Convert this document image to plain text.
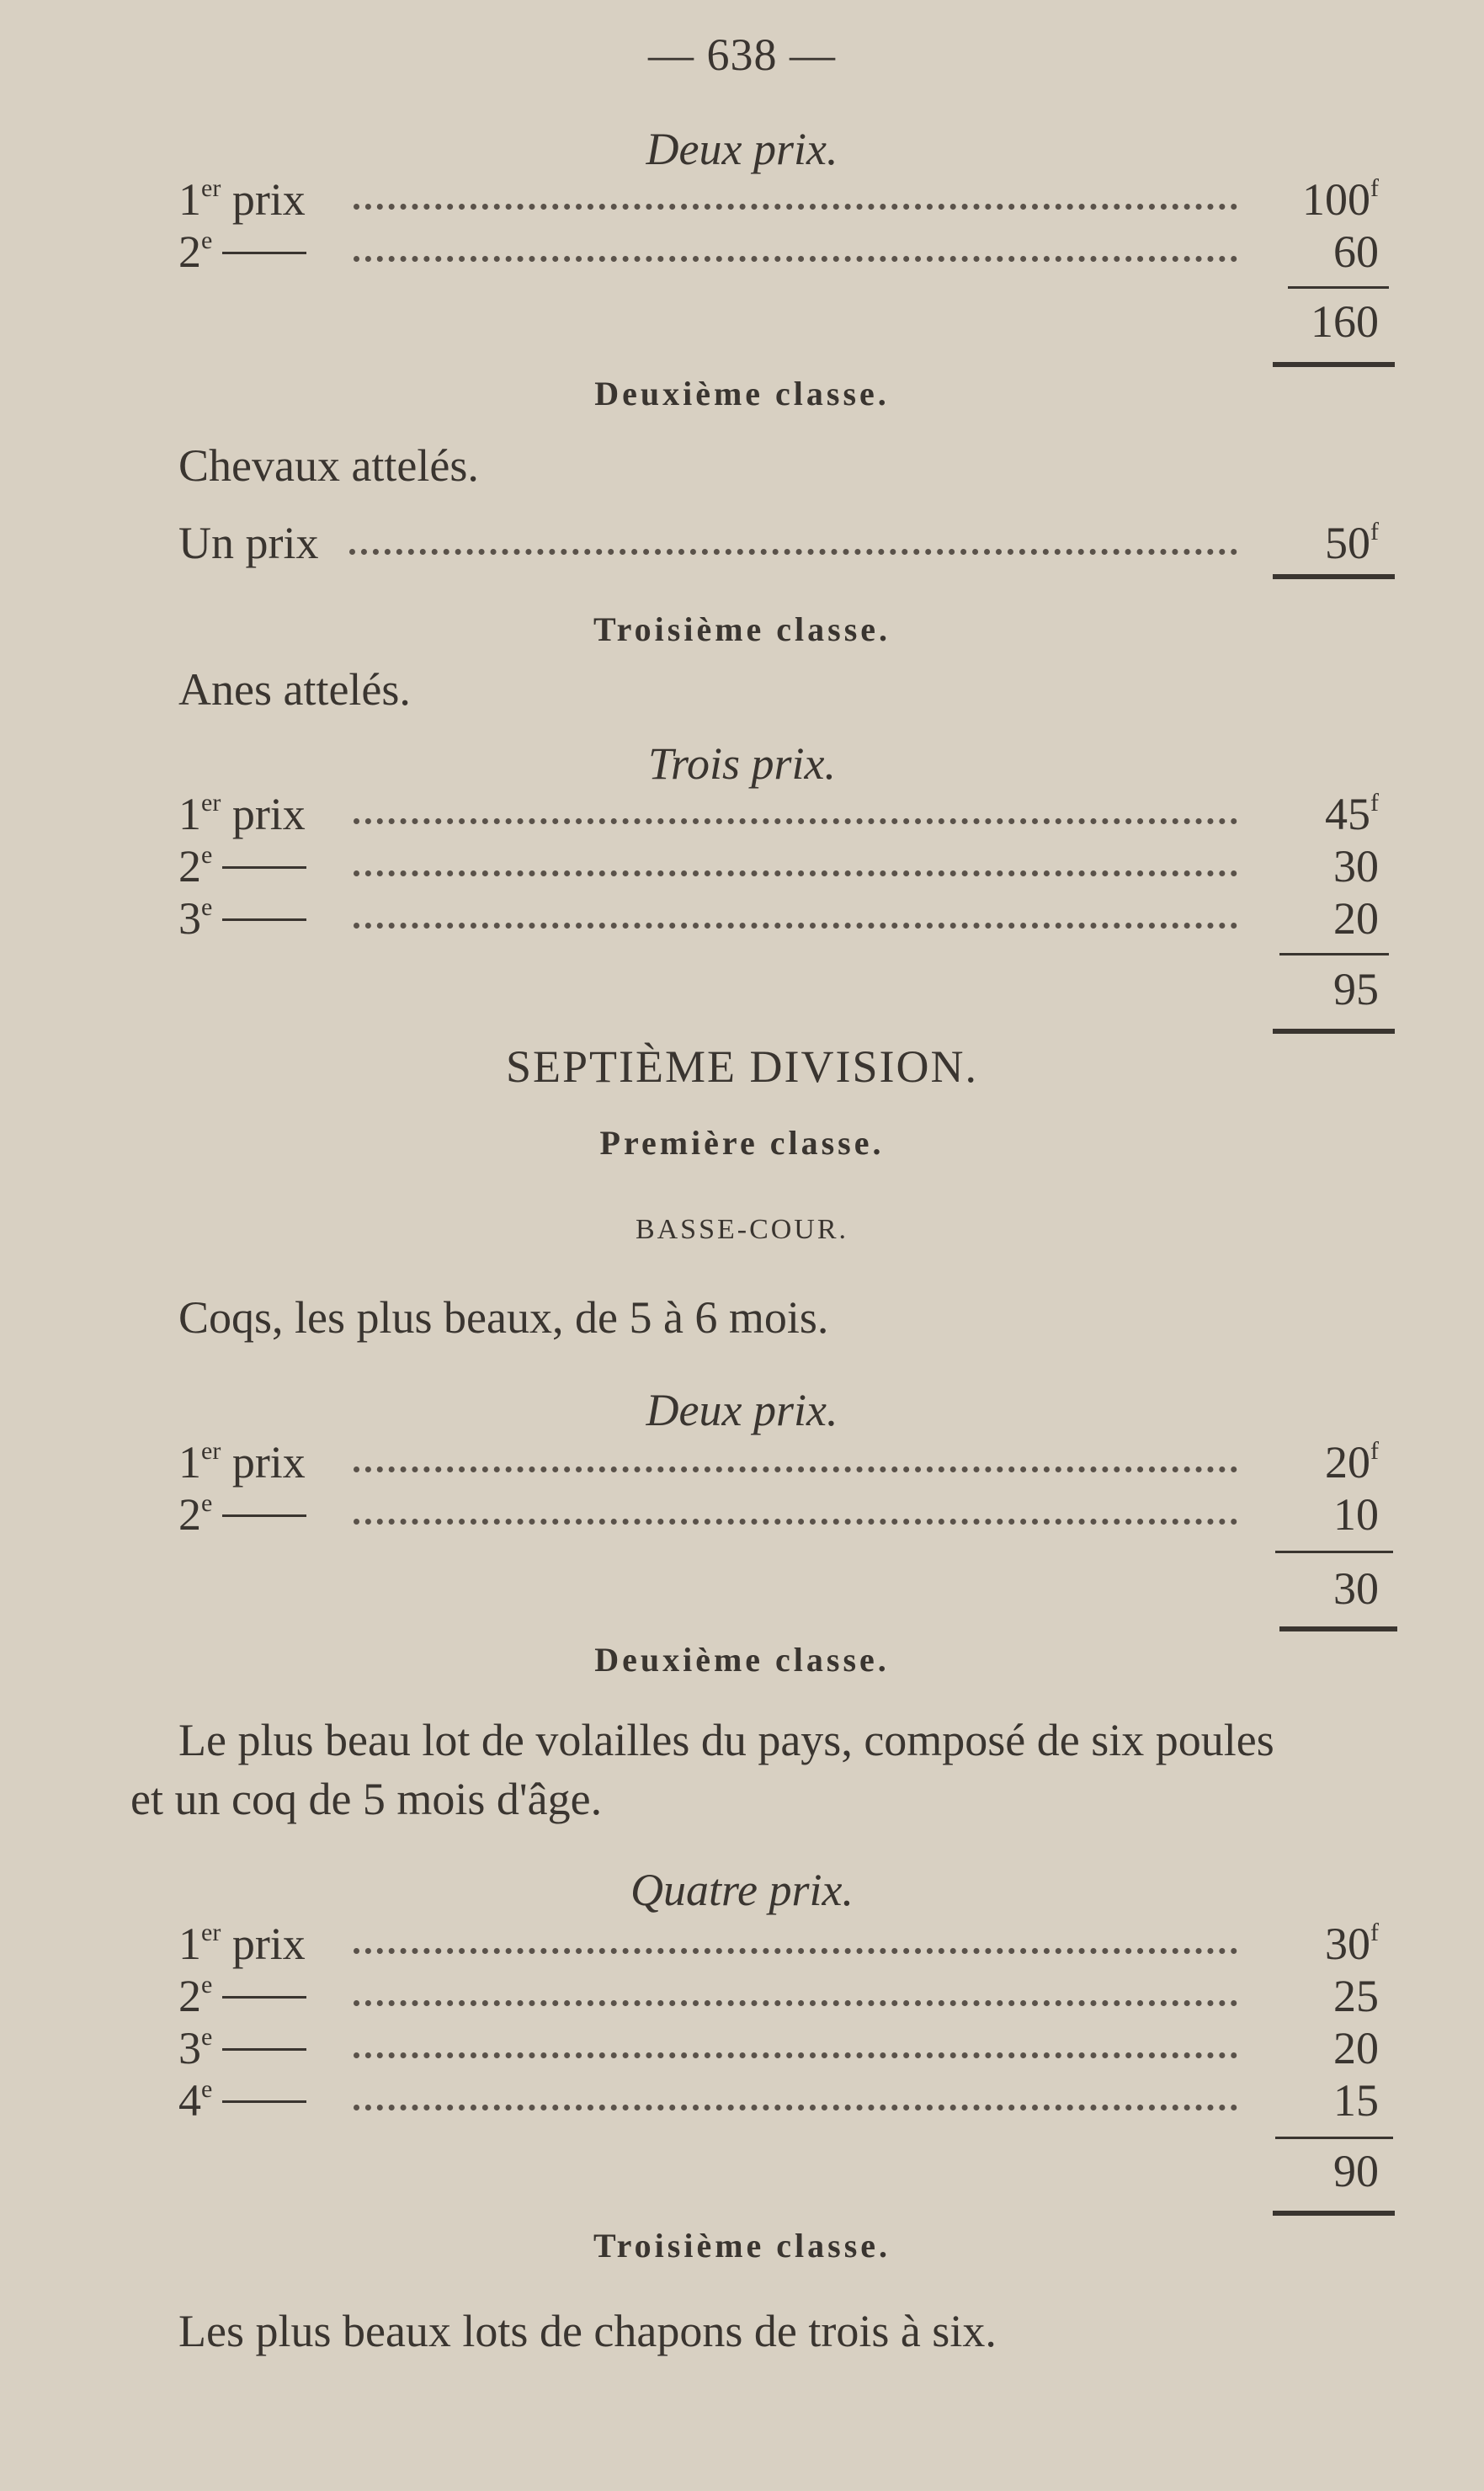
— 638 —
Deux prix.
1er prix	100$^f$
2e	60
160
Deuxième classe.
Chevaux attelés.
Un prix	50$^f$
Troisième classe.
Anes attelés.
Trois prix.
1er prix	45$^f$
2e	30
3e	20
95
SEPTIÈME DIVISION.
Première classe.
BASSE-COUR.
Coqs, les plus beaux, de 5 à 6 mois.
Deux prix.
1er prix	20$^f$
2e	10
30
Deuxième classe.
Le plus beau lot de volailles du pays, composé de six poules
et un coq de 5 mois d'âge.
Quatre prix.
1er prix	30$^f$
2e	25
3e	20
4e	15
90
Troisième classe.
Les plus beaux lots de chapons de trois à six.
